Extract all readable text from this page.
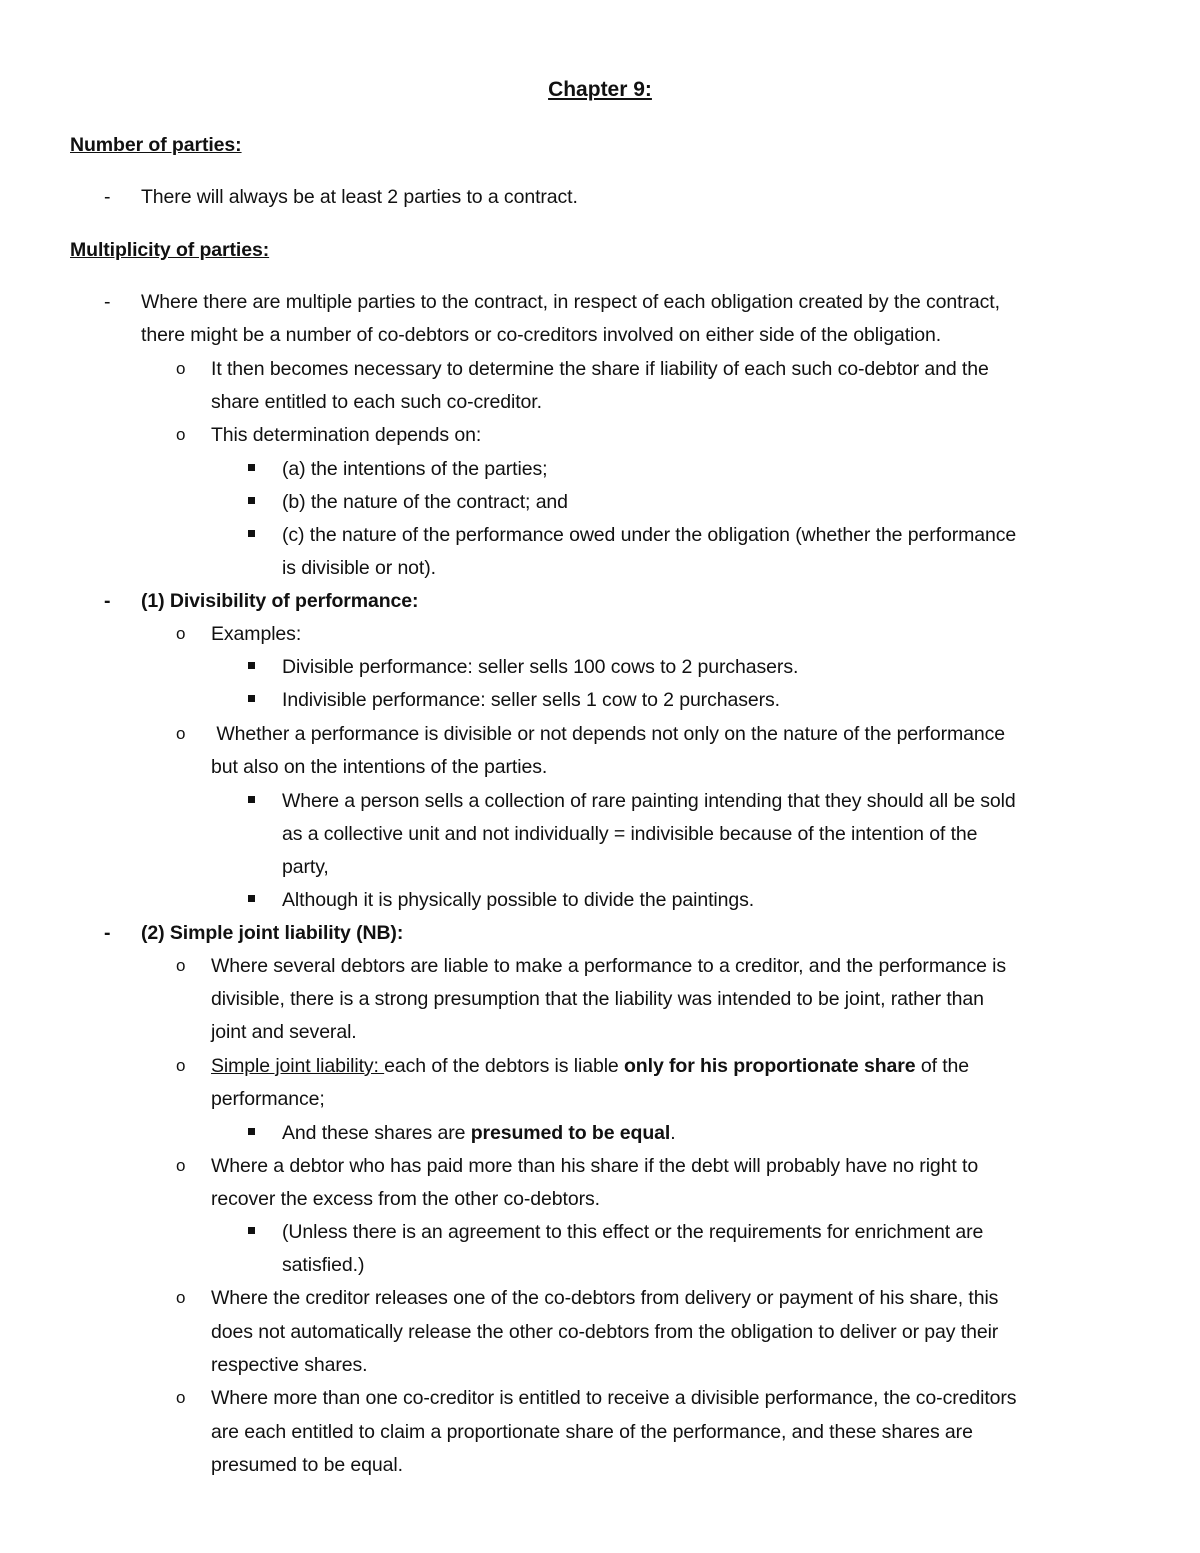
Chapter 9:
Number of parties:
- There will always be at least 2 parties to a contract.
Multiplicity of parties:
- Where there are multiple parties to the contract, in respect of each obligation created by the contract,
there might be a number of co-debtors or co-creditors involved on either side of the obligation.
o It then becomes necessary to determine the share if liability of each such co-debtor and the
share entitled to each such co-creditor.
o This determination depends on:
(a) the intentions of the parties;
(b) the nature of the contract; and
(c) the nature of the performance owed under the obligation (whether the performance
is divisible or not).
- (1) Divisibility of performance:
o Examples:
Divisible performance: seller sells 100 cows to 2 purchasers.
Indivisible performance: seller sells 1 cow to 2 purchasers.
o Whether a performance is divisible or not depends not only on the nature of the performance
but also on the intentions of the parties.
Where a person sells a collection of rare painting intending that they should all be sold
as a collective unit and not individually = indivisible because of the intention of the
party,
Although it is physically possible to divide the paintings.
- (2) Simple joint liability (NB):
o Where several debtors are liable to make a performance to a creditor, and the performance is
divisible, there is a strong presumption that the liability was intended to be joint, rather than
joint and several.
o Simple joint liability: each of the debtors is liable only for his proportionate share of the
performance;
And these shares are presumed to be equal.
o Where a debtor who has paid more than his share if the debt will probably have no right to
recover the excess from the other co-debtors.
(Unless there is an agreement to this effect or the requirements for enrichment are
satisfied.)
o Where the creditor releases one of the co-debtors from delivery or payment of his share, this
does not automatically release the other co-debtors from the obligation to deliver or pay their
respective shares.
o Where more than one co-creditor is entitled to receive a divisible performance, the co-creditors
are each entitled to claim a proportionate share of the performance, and these shares are
presumed to be equal.
